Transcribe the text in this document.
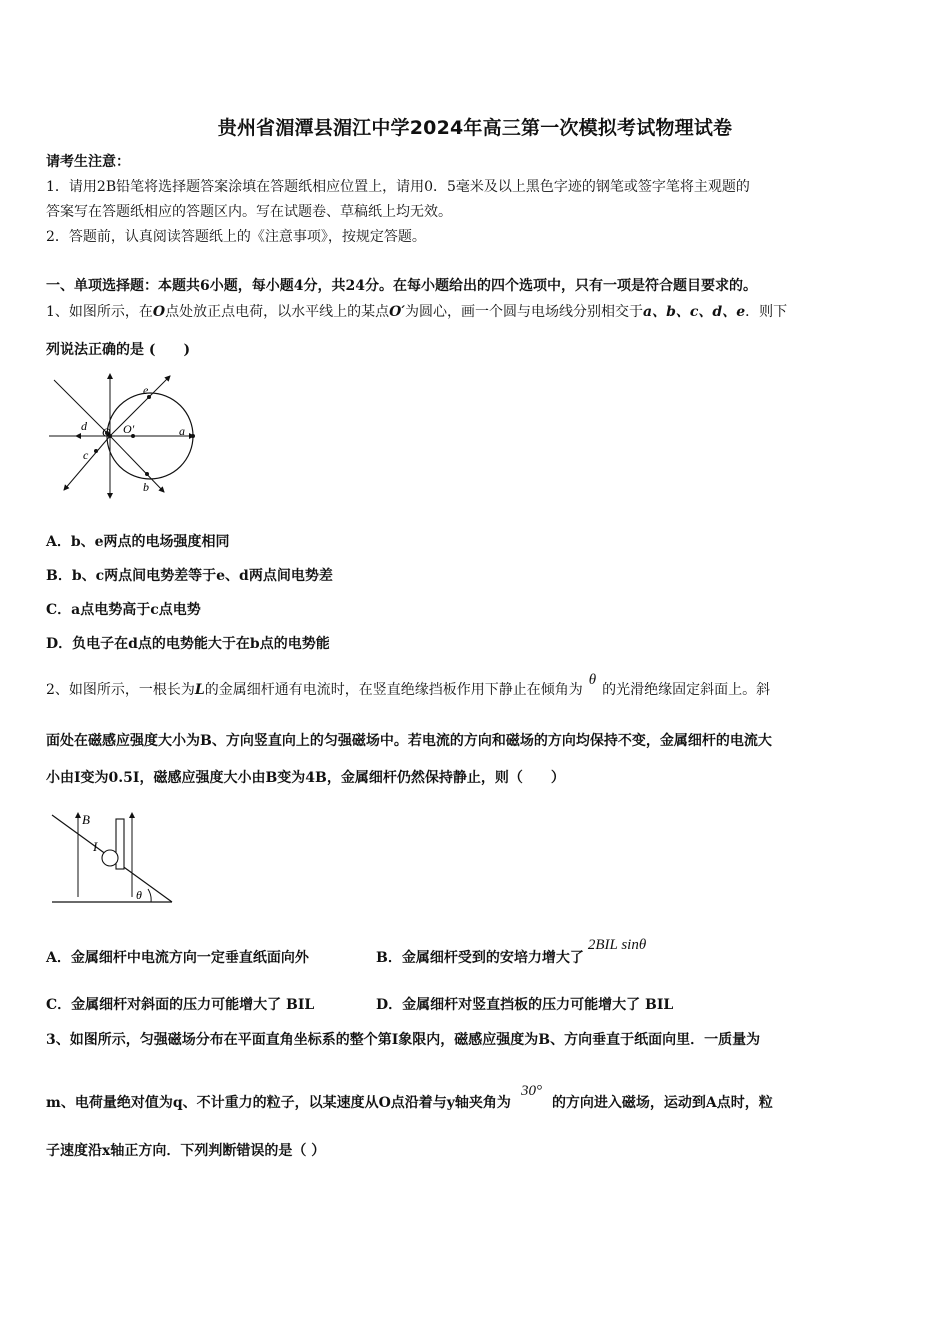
贵州省湄潭县湄江中学2024年高三第一次模拟考试物理试卷
请考生注意：
1．请用2B铅笔将选择题答案涂填在答题纸相应位置上，请用0．5毫米及以上黑色字迹的钢笔或签字笔将主观题的
答案写在答题纸相应的答题区内。写在试题卷、草稿纸上均无效。
2．答题前，认真阅读答题纸上的《注意事项》，按规定答题。
一、单项选择题：本题共6小题，每小题4分，共24分。在每小题给出的四个选项中，只有一项是符合题目要求的。
1、如图所示，在O点处放正点电荷，以水平线上的某点O′为圆心，画一个圆与电场线分别相交于a、b、c、d、e．则下
列说法正确的是 (　　)
e
d O O′	a
c
b
A．b、e两点的电场强度相同
B．b、c两点间电势差等于e、d两点间电势差
C．a点电势高于c点电势
D．负电子在d点的电势能大于在b点的电势能
2、如图所示，一根长为L的金属细杆通有电流时，在竖直绝缘挡板作用下静止在倾角为θ的光滑绝缘固定斜面上。斜
面处在磁感应强度大小为B、方向竖直向上的匀强磁场中。若电流的方向和磁场的方向均保持不变，金属细杆的电流大
小由I变为0.5I，磁感应强度大小由B变为4B，金属细杆仍然保持静止，则（　　）
B
I
θ
A．金属细杆中电流方向一定垂直纸面向外	B．金属细杆受到的安培力增大了2BIL sinθ
C．金属细杆对斜面的压力可能增大了 BIL	D．金属细杆对竖直挡板的压力可能增大了 BIL
3、如图所示，匀强磁场分布在平面直角坐标系的整个第Ⅰ象限内，磁感应强度为B、方向垂直于纸面向里．一质量为
m、电荷量绝对值为q、不计重力的粒子，以某速度从O点沿着与y轴夹角为30°的方向进入磁场，运动到A点时，粒
子速度沿x轴正方向．下列判断错误的是（ ）
